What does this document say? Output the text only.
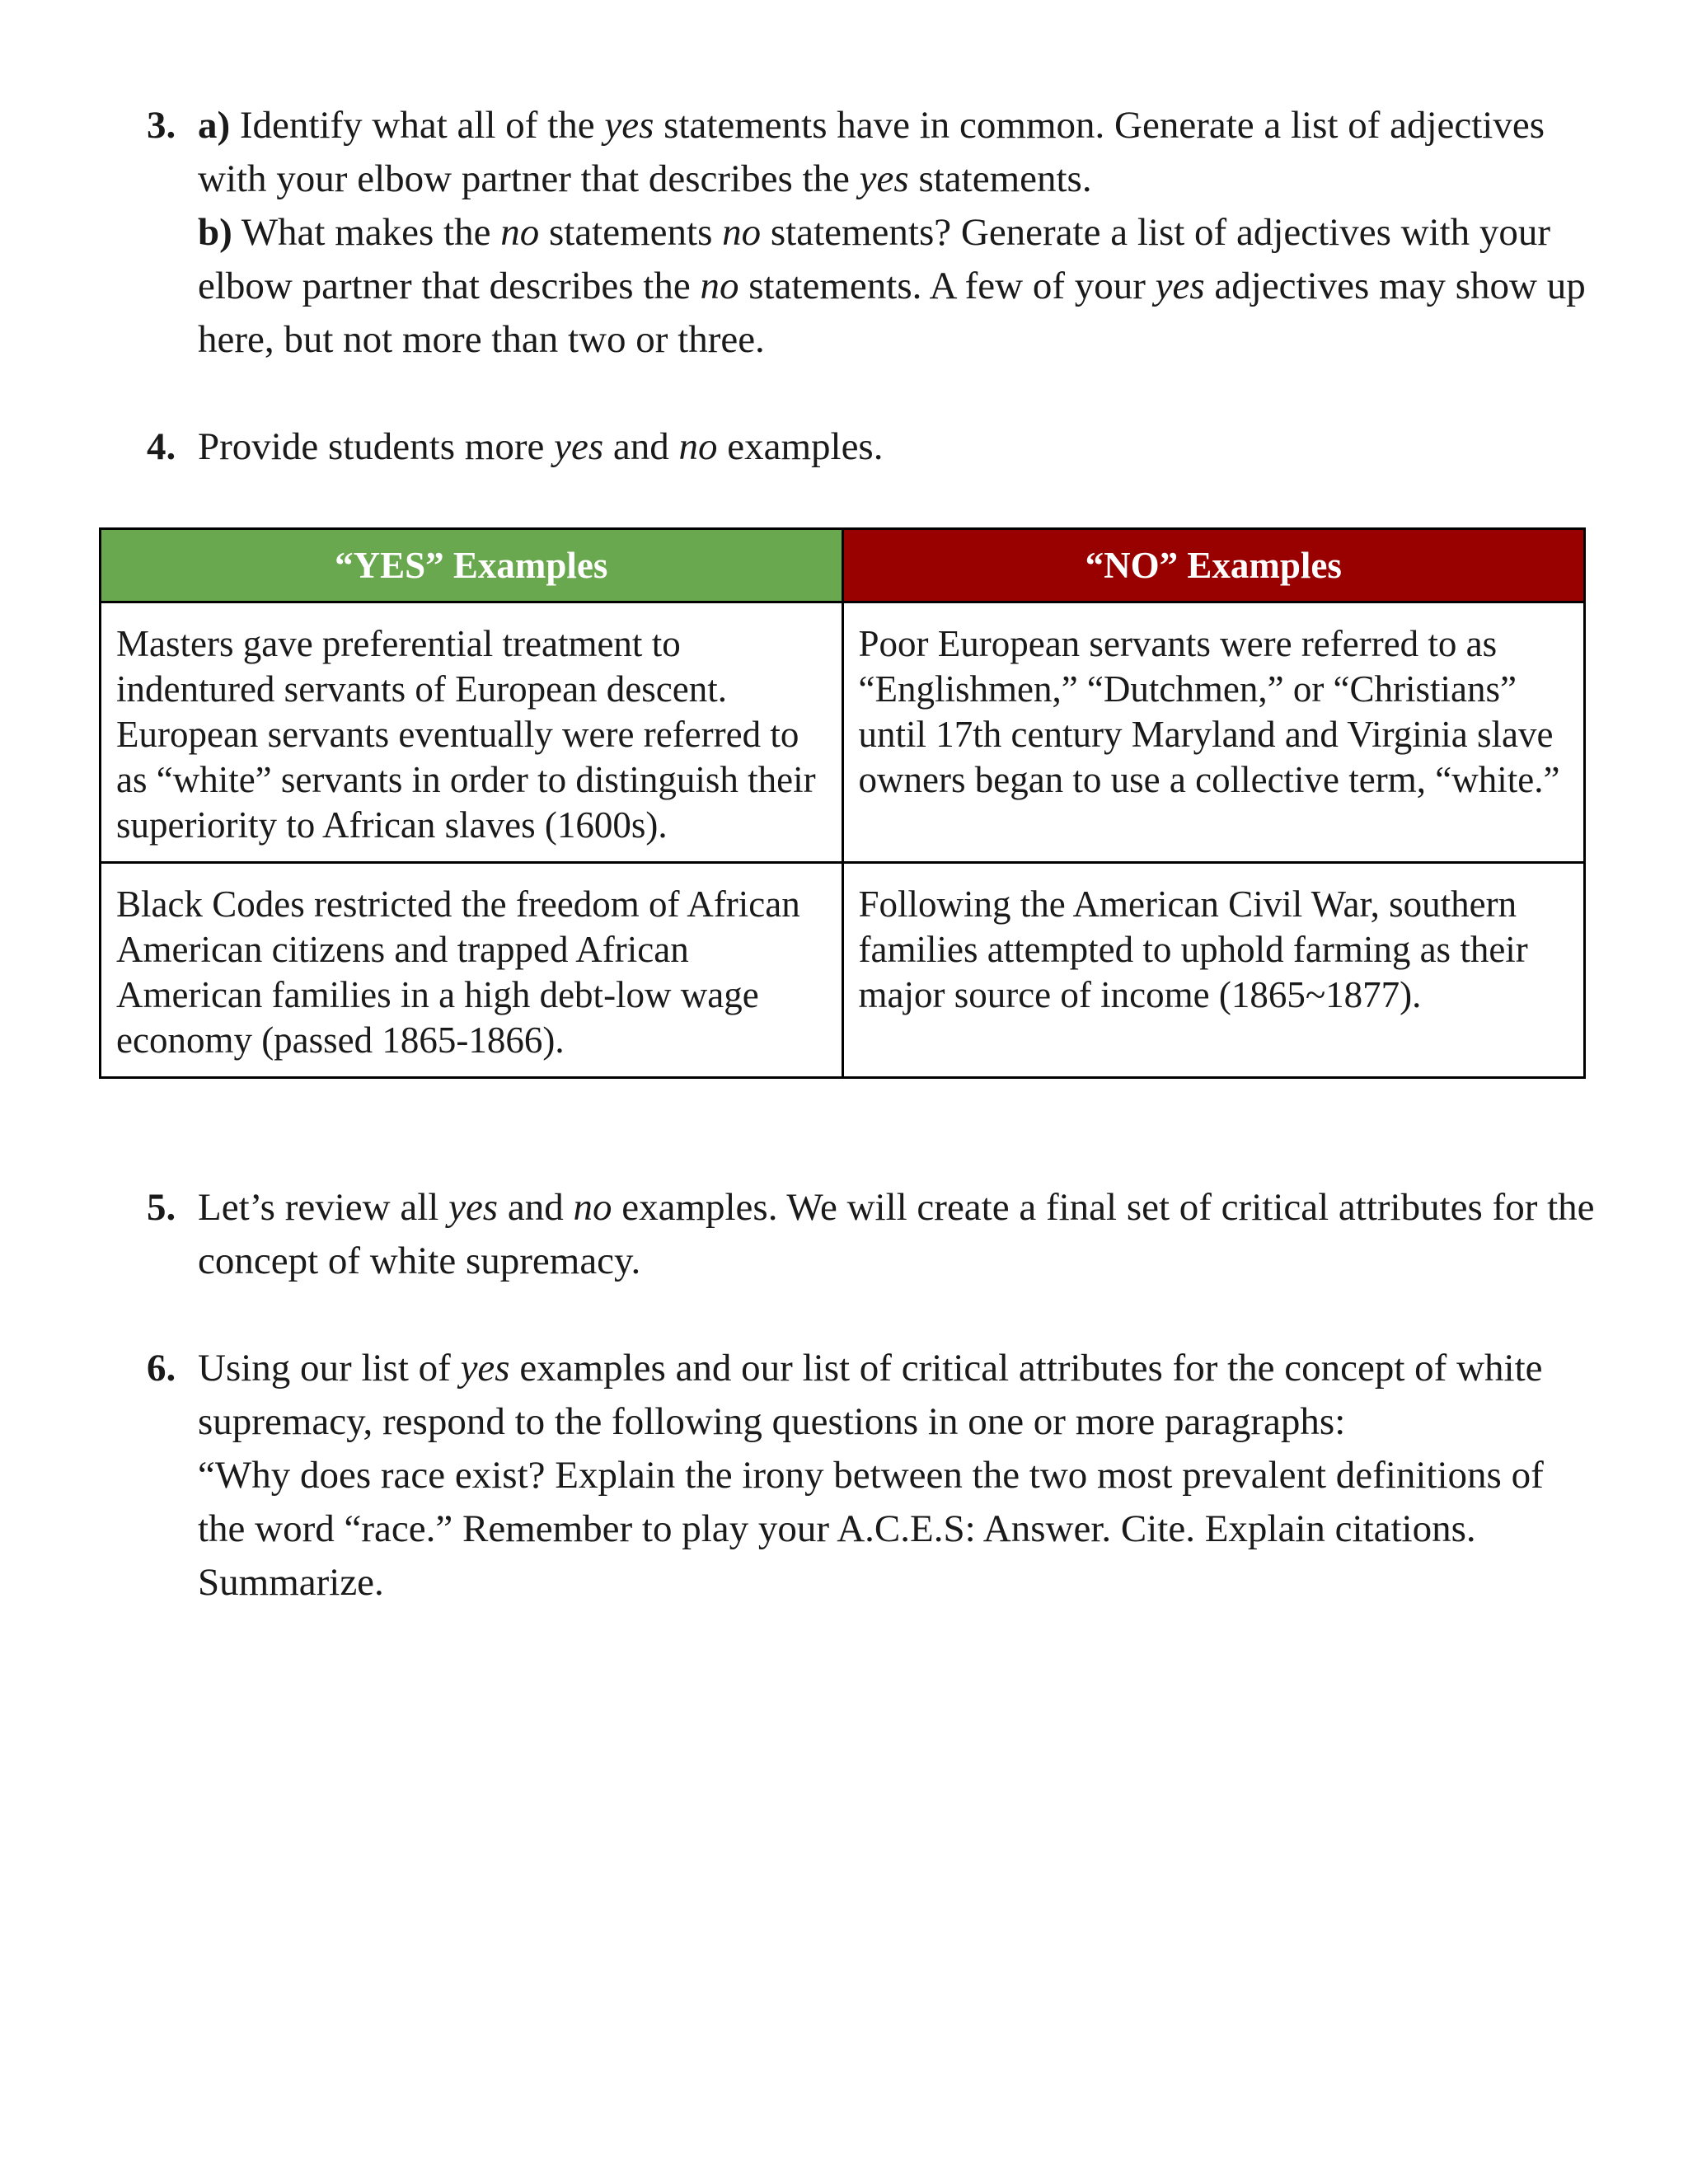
3. a) Identify what all of the yes statements have in common. Generate a list of adjectives with your elbow partner that describes the yes statements.

b) What makes the no statements no statements? Generate a list of adjectives with your elbow partner that describes the no statements. A few of your yes adjectives may show up here, but not more than two or three.

4. Provide students more yes and no examples.

“YES” Examples	“NO” Examples
Masters gave preferential treatment to indentured servants of European descent. European servants eventually were referred to as “white” servants in order to distinguish their superiority to African slaves (1600s).	Poor European servants were referred to as “Englishmen,” “Dutchmen,” or “Christians” until 17th century Maryland and Virginia slave owners began to use a collective term, “white.”
Black Codes restricted the freedom of African American citizens and trapped African American families in a high debt-low wage economy (passed 1865-1866).	Following the American Civil War, southern families attempted to uphold farming as their major source of income (1865~1877).
5. Let’s review all yes and no examples. We will create a final set of critical attributes for the concept of white supremacy.

6. Using our list of yes examples and our list of critical attributes for the concept of white supremacy, respond to the following questions in one or more paragraphs:

“Why does race exist? Explain the irony between the two most prevalent definitions of the word “race.” Remember to play your A.C.E.S: Answer. Cite. Explain citations. Summarize.
